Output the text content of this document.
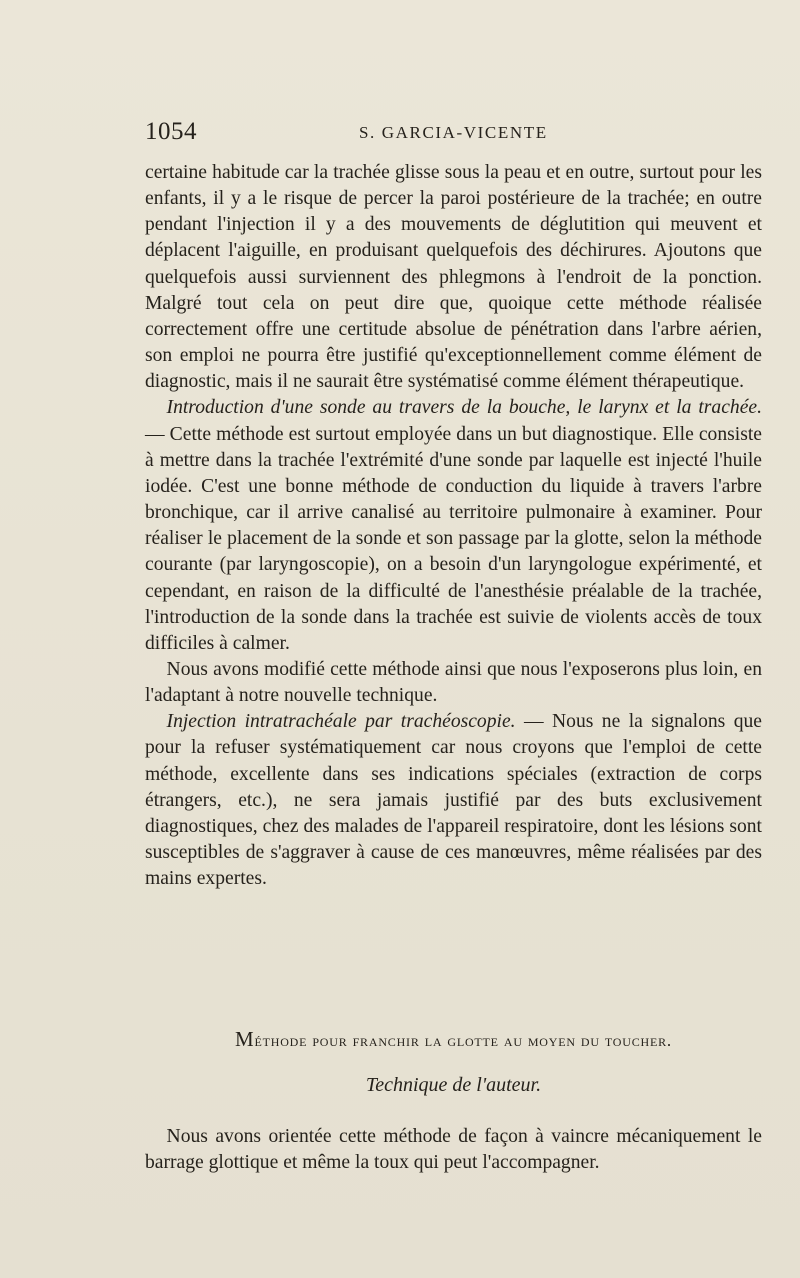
1054	S. GARCIA-VICENTE

certaine habitude car la trachée glisse sous la peau et en outre, surtout pour les enfants, il y a le risque de percer la paroi postérieure de la trachée; en outre pendant l'injection il y a des mouvements de déglutition qui meuvent et déplacent l'aiguille, en produisant quelquefois des déchirures. Ajoutons que quelquefois aussi surviennent des phlegmons à l'endroit de la ponction. Malgré tout cela on peut dire que, quoique cette méthode réalisée correctement offre une certitude absolue de pénétration dans l'arbre aérien, son emploi ne pourra être justifié qu'exceptionnellement comme élément de diagnostic, mais il ne saurait être systématisé comme élément thérapeutique.

Introduction d'une sonde au travers de la bouche, le larynx et la trachée. — Cette méthode est surtout employée dans un but diagnostique. Elle consiste à mettre dans la trachée l'extrémité d'une sonde par laquelle est injecté l'huile iodée. C'est une bonne méthode de conduction du liquide à travers l'arbre bronchique, car il arrive canalisé au territoire pulmonaire à examiner. Pour réaliser le placement de la sonde et son passage par la glotte, selon la méthode courante (par laryngoscopie), on a besoin d'un laryngologue expérimenté, et cependant, en raison de la difficulté de l'anesthésie préalable de la trachée, l'introduction de la sonde dans la trachée est suivie de violents accès de toux difficiles à calmer.

Nous avons modifié cette méthode ainsi que nous l'exposerons plus loin, en l'adaptant à notre nouvelle technique.

Injection intratrachéale par trachéoscopie. — Nous ne la signalons que pour la refuser systématiquement car nous croyons que l'emploi de cette méthode, excellente dans ses indications spéciales (extraction de corps étrangers, etc.), ne sera jamais justifié par des buts exclusivement diagnostiques, chez des malades de l'appareil respiratoire, dont les lésions sont susceptibles de s'aggraver à cause de ces manœuvres, même réalisées par des mains expertes.

Méthode pour franchir la glotte au moyen du toucher.
Technique de l'auteur.

Nous avons orientée cette méthode de façon à vaincre mécaniquement le barrage glottique et même la toux qui peut l'accompagner.
